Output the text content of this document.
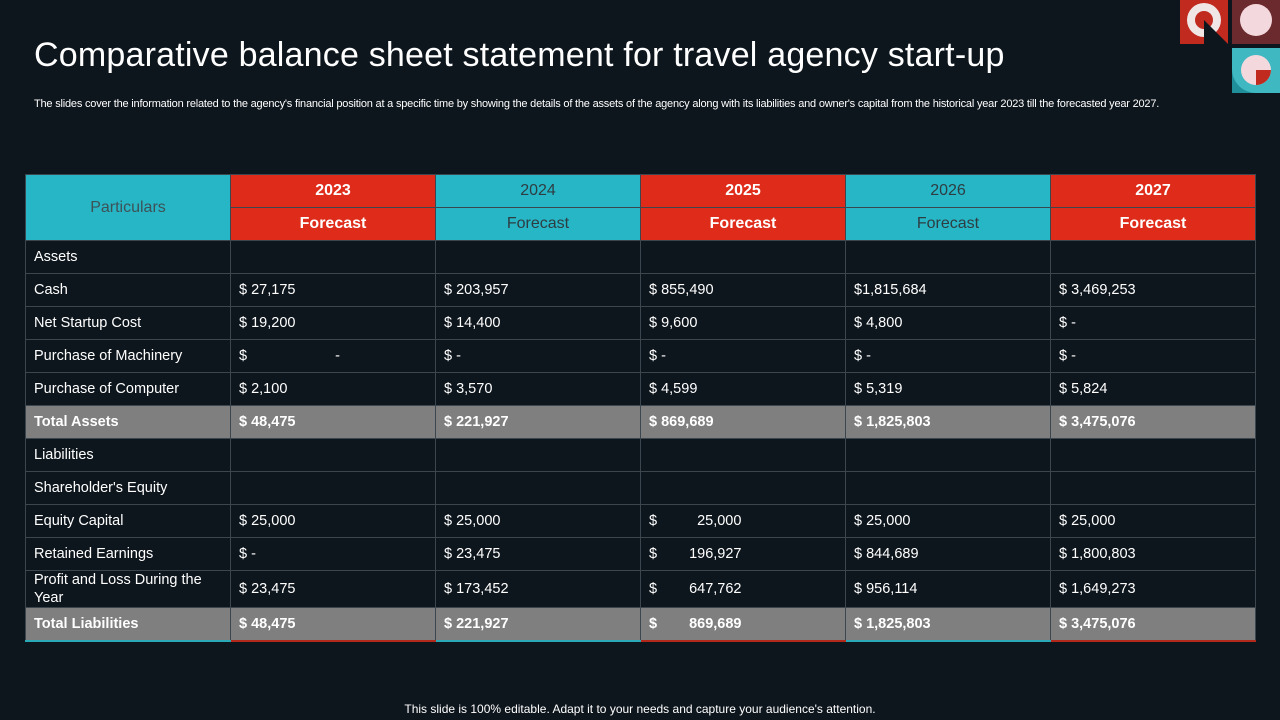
Comparative balance sheet statement for travel agency start-up

The slides cover the information related to the agency's financial position at a specific time by showing the details of the assets of the agency along with its liabilities and owner's capital from the historical year 2023 till the forecasted year 2027.

Particulars	2023	2024	2025	2026	2027
	Forecast	Forecast	Forecast	Forecast	Forecast
Assets					
Cash	$ 27,175	$ 203,957	$ 855,490	$1,815,684	$ 3,469,253
Net Startup Cost	$ 19,200	$ 14,400	$ 9,600	$ 4,800	$ -
Purchase of Machinery	$ -	$ -	$ -	$ -	$ -
Purchase of Computer	$ 2,100	$ 3,570	$ 4,599	$ 5,319	$ 5,824
Total Assets	$ 48,475	$ 221,927	$ 869,689	$ 1,825,803	$ 3,475,076
Liabilities					
Shareholder's Equity					
Equity Capital	$ 25,000	$ 25,000	$ 25,000	$ 25,000	$ 25,000
Retained Earnings	$ -	$ 23,475	$ 196,927	$ 844,689	$ 1,800,803
Profit and Loss During the Year	$ 23,475	$ 173,452	$ 647,762	$ 956,114	$ 1,649,273
Total Liabilities	$ 48,475	$ 221,927	$ 869,689	$ 1,825,803	$ 3,475,076
This slide is 100% editable. Adapt it to your needs and capture your audience's attention.
